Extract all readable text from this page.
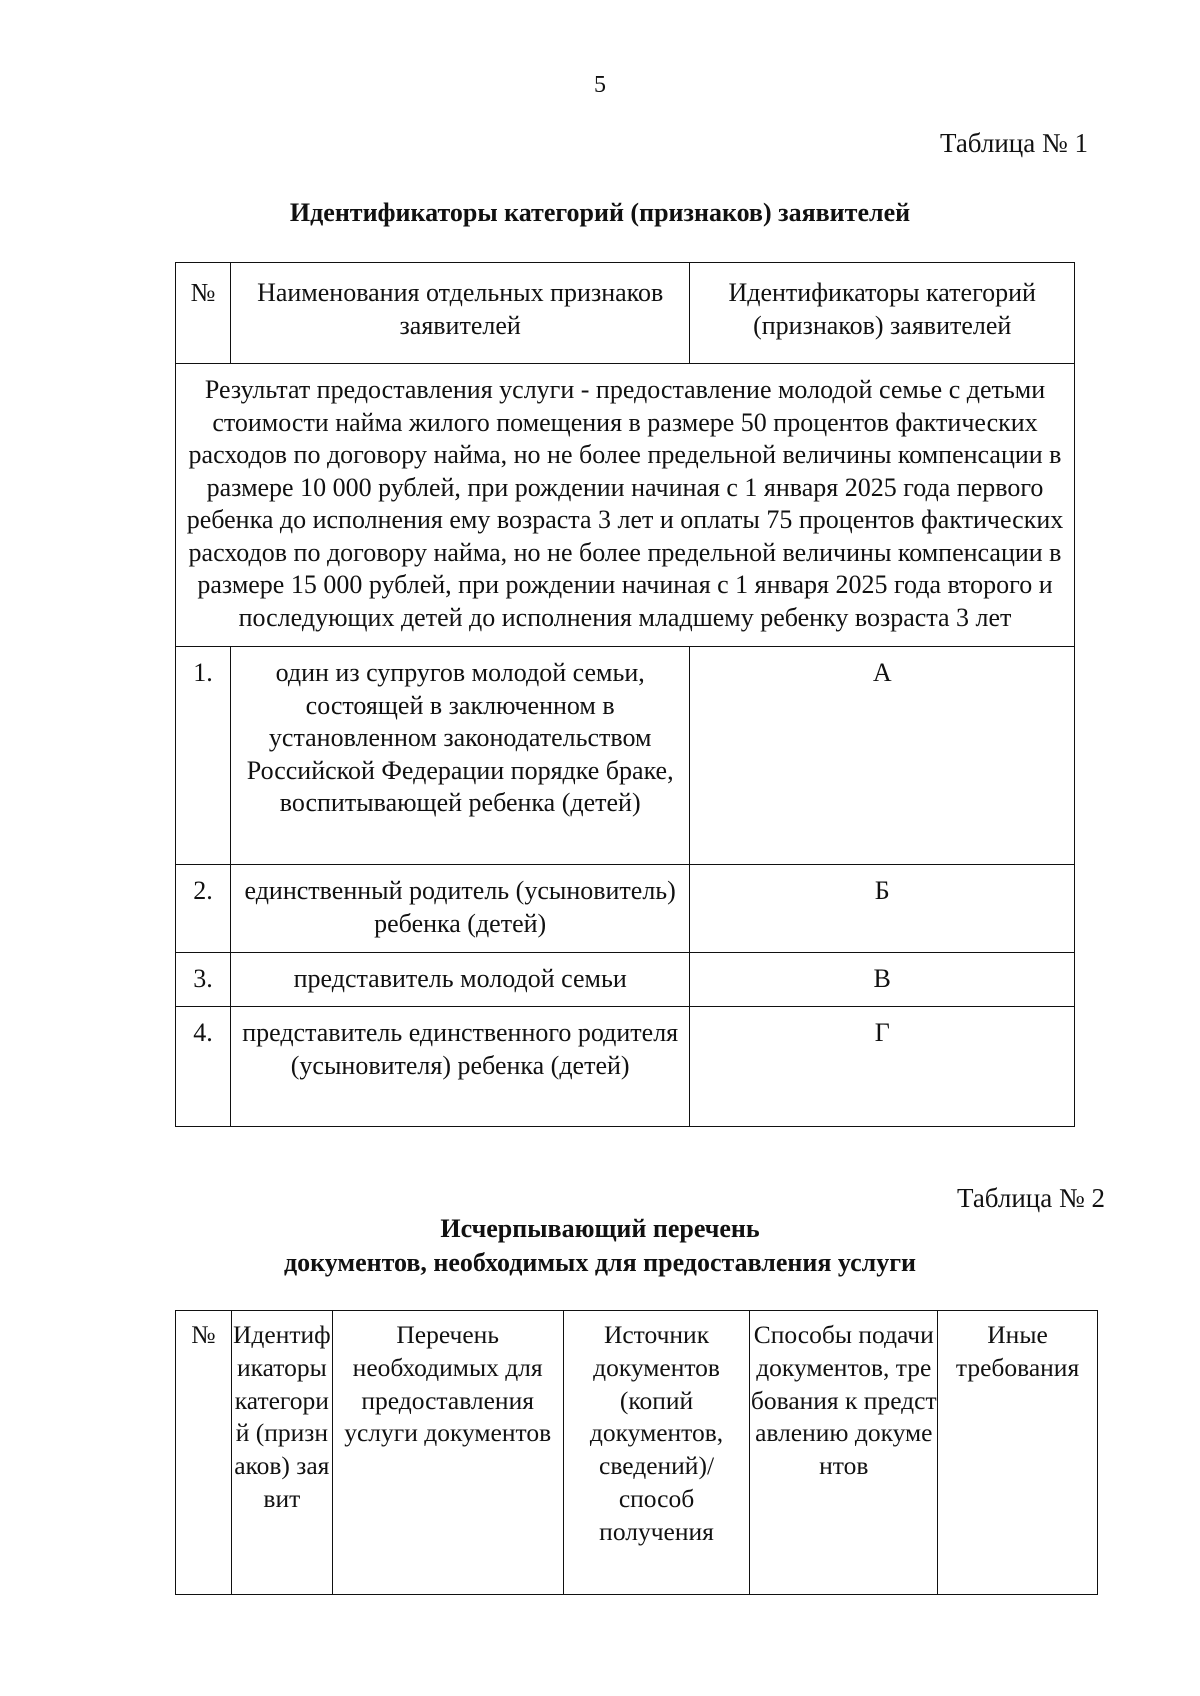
5
Таблица № 1
Идентификаторы категорий (признаков) заявителей
№	Наименования отдельных признаков заявителей	Идентификаторы категорий (признаков) заявителей
Результат предоставления услуги - предоставление молодой семье с детьми стоимости найма жилого помещения в размере 50 процентов фактических расходов по договору найма, но не более предельной величины компенсации в размере 10 000 рублей, при рождении начиная с 1 января 2025 года первого ребенка до исполнения ему возраста 3 лет и оплаты 75 процентов фактических расходов по договору найма, но не более предельной величины компенсации в размере 15 000 рублей, при рождении начиная с 1 января 2025 года второго и последующих детей до исполнения младшему ребенку возраста 3 лет		
1.	один из супругов молодой семьи, состоящей в заключенном в установленном законодательством Российской Федерации порядке браке, воспитывающей ребенка (детей)	А
2.	единственный родитель (усыновитель) ребенка (детей)	Б
3.	представитель молодой семьи	В
4.	представитель единственного родителя (усыновителя) ребенка (детей)	Г
Таблица № 2
Исчерпывающий перечень
документов, необходимых для предоставления услуги
№	Идентификаторы категорий (признаков) заявит	Перечень необходимых для предоставления услуги документов	Источник документов (копий документов, сведений)/ способ получения	Способы подачи документов, требования к представлению документов	Иные требования
